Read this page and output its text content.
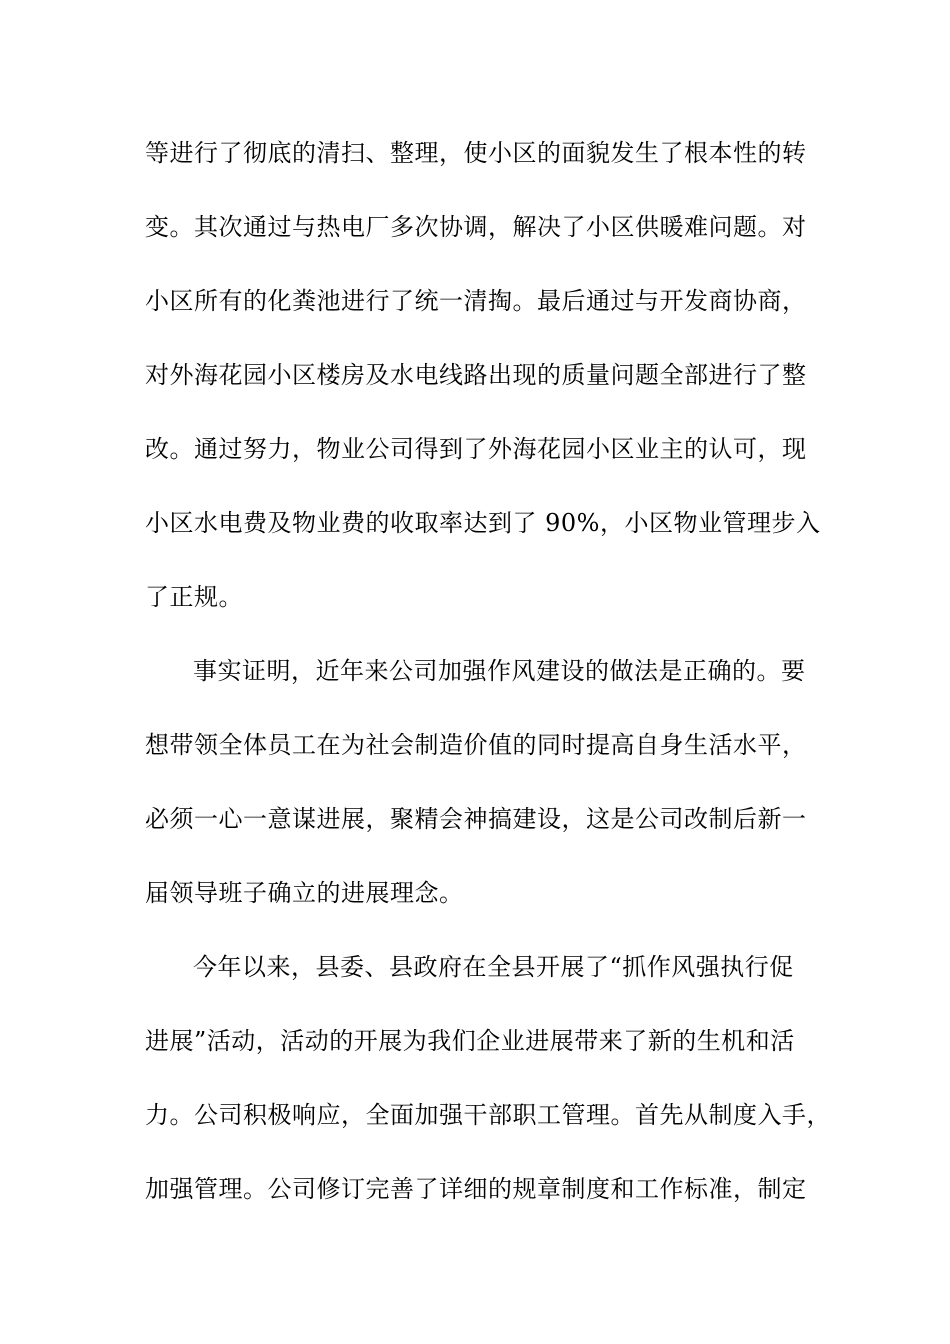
等进行了彻底的清扫、整理，使小区的面貌发生了根本性的转
变。其次通过与热电厂多次协调，解决了小区供暖难问题。对
小区所有的化粪池进行了统一清掏。最后通过与开发商协商，
对外海花园小区楼房及水电线路出现的质量问题全部进行了整
改。通过努力，物业公司得到了外海花园小区业主的认可，现
小区水电费及物业费的收取率达到了 90%，小区物业管理步入
了正规。
事实证明，近年来公司加强作风建设的做法是正确的。要
想带领全体员工在为社会制造价值的同时提高自身生活水平，
必须一心一意谋进展，聚精会神搞建设，这是公司改制后新一
届领导班子确立的进展理念。
今年以来，县委、县政府在全县开展了“抓作风强执行促
进展”活动，活动的开展为我们企业进展带来了新的生机和活
力。公司积极响应，全面加强干部职工管理。首先从制度入手，
加强管理。公司修订完善了详细的规章制度和工作标准，制定
